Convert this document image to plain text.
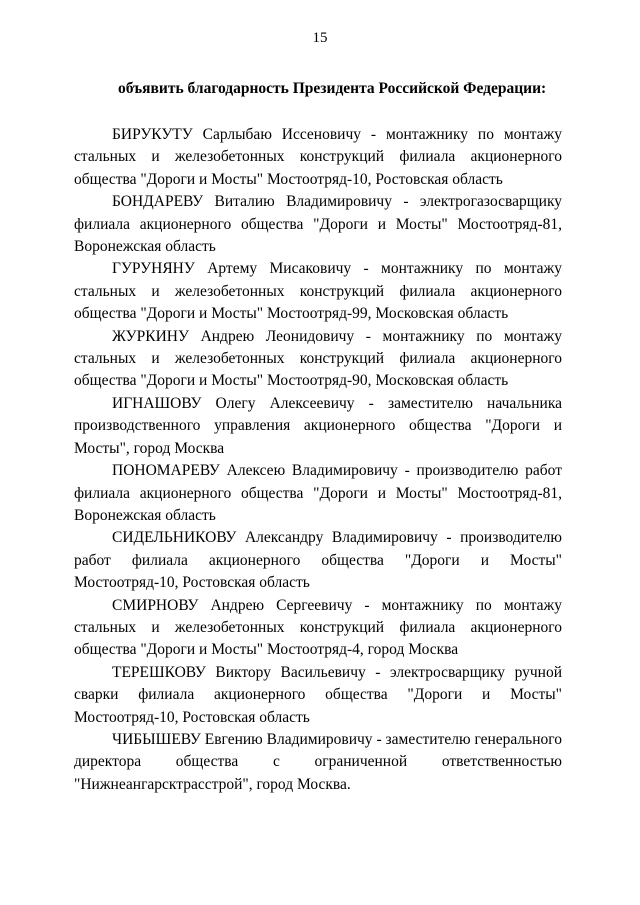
15
объявить благодарность Президента Российской Федерации:

БИРУКУТУ Сарлыбаю Иссеновичу - монтажнику по монтажу стальных и железобетонных конструкций филиала акционерного общества "Дороги и Мосты" Мостоотряд-10, Ростовская область

БОНДАРЕВУ Виталию Владимировичу - электрогазосварщику филиала акционерного общества "Дороги и Мосты" Мостоотряд-81, Воронежская область

ГУРУНЯНУ Артему Мисаковичу - монтажнику по монтажу стальных и железобетонных конструкций филиала акционерного общества "Дороги и Мосты" Мостоотряд-99, Московская область

ЖУРКИНУ Андрею Леонидовичу - монтажнику по монтажу стальных и железобетонных конструкций филиала акционерного общества "Дороги и Мосты" Мостоотряд-90, Московская область

ИГНАШОВУ Олегу Алексеевичу - заместителю начальника производственного управления акционерного общества "Дороги и Мосты", город Москва

ПОНОМАРЕВУ Алексею Владимировичу - производителю работ филиала акционерного общества "Дороги и Мосты" Мостоотряд-81, Воронежская область

СИДЕЛЬНИКОВУ Александру Владимировичу - производителю работ филиала акционерного общества "Дороги и Мосты" Мостоотряд-10, Ростовская область

СМИРНОВУ Андрею Сергеевичу - монтажнику по монтажу стальных и железобетонных конструкций филиала акционерного общества "Дороги и Мосты" Мостоотряд-4, город Москва

ТЕРЕШКОВУ Виктору Васильевичу - электросварщику ручной сварки филиала акционерного общества "Дороги и Мосты" Мостоотряд-10, Ростовская область

ЧИБЫШЕВУ Евгению Владимировичу - заместителю генерального директора общества с ограниченной ответственностью "Нижнеангарсктрасстрой", город Москва.
